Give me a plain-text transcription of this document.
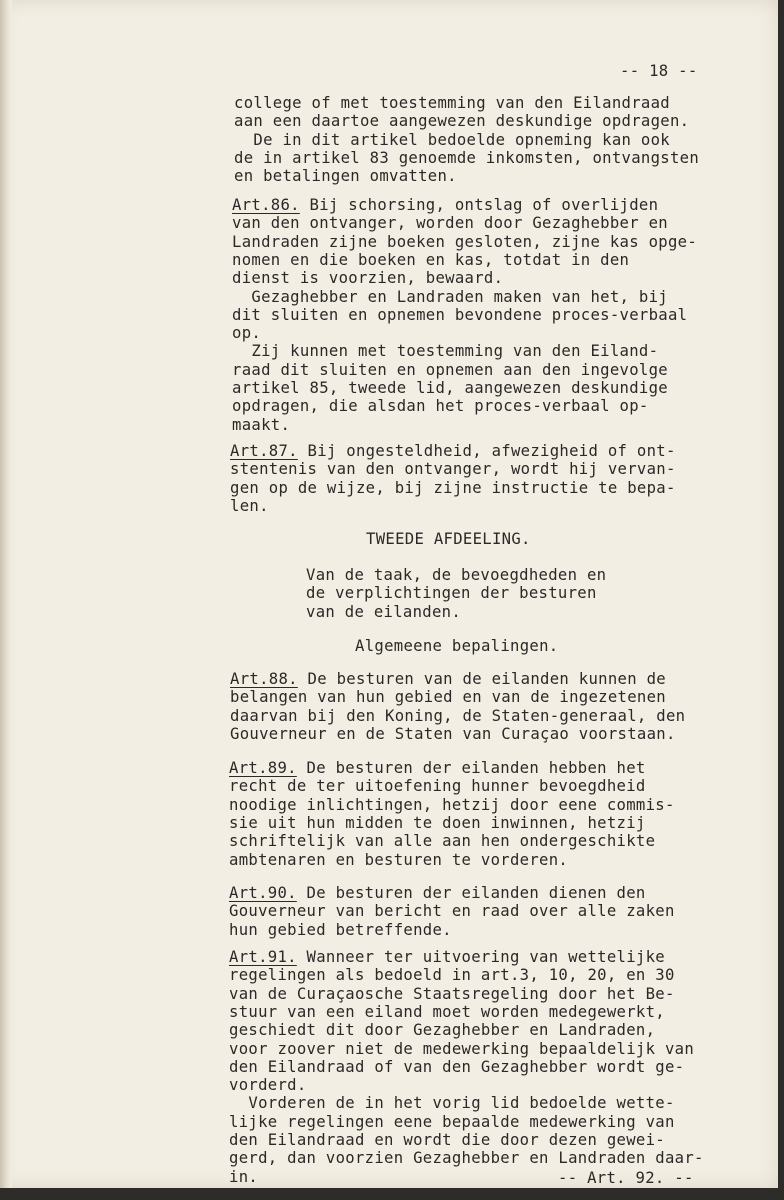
-- 18 --
college of met toestemming van den Eilandraad
aan een daartoe aangewezen deskundige opdragen.
De in dit artikel bedoelde opneming kan ook
de in artikel 83 genoemde inkomsten, ontvangsten
en betalingen omvatten.
Art.86. Bij schorsing, ontslag of overlijden
van den ontvanger, worden door Gezaghebber en
Landraden zijne boeken gesloten, zijne kas opge-
nomen en die boeken en kas, totdat in den
dienst is voorzien, bewaard.
Gezaghebber en Landraden maken van het, bij
dit sluiten en opnemen bevondene proces-verbaal
op.
Zij kunnen met toestemming van den Eiland-
raad dit sluiten en opnemen aan den ingevolge
artikel 85, tweede lid, aangewezen deskundige
opdragen, die alsdan het proces-verbaal op-
maakt.
Art.87. Bij ongesteldheid, afwezigheid of ont-
stentenis van den ontvanger, wordt hij vervan-
gen op de wijze, bij zijne instructie te bepa-
len.
TWEEDE AFDEELING.
Van de taak, de bevoegdheden en
de verplichtingen der besturen
van de eilanden.
Algemeene bepalingen.
Art.88. De besturen van de eilanden kunnen de
belangen van hun gebied en van de ingezetenen
daarvan bij den Koning, de Staten-generaal, den
Gouverneur en de Staten van Curaçao voorstaan.
Art.89. De besturen der eilanden hebben het
recht de ter uitoefening hunner bevoegdheid
noodige inlichtingen, hetzij door eene commis-
sie uit hun midden te doen inwinnen, hetzij
schriftelijk van alle aan hen ondergeschikte
ambtenaren en besturen te vorderen.
Art.90. De besturen der eilanden dienen den
Gouverneur van bericht en raad over alle zaken
hun gebied betreffende.
Art.91. Wanneer ter uitvoering van wettelijke
regelingen als bedoeld in art.3, 10, 20, en 30
van de Curaçaosche Staatsregeling door het Be-
stuur van een eiland moet worden medegewerkt,
geschiedt dit door Gezaghebber en Landraden,
voor zoover niet de medewerking bepaaldelijk van
den Eilandraad of van den Gezaghebber wordt ge-
vorderd.
Vorderen de in het vorig lid bedoelde wette-
lijke regelingen eene bepaalde medewerking van
den Eilandraad en wordt die door dezen gewei-
gerd, dan voorzien Gezaghebber en Landraden daar-
in.	-- Art. 92. --
